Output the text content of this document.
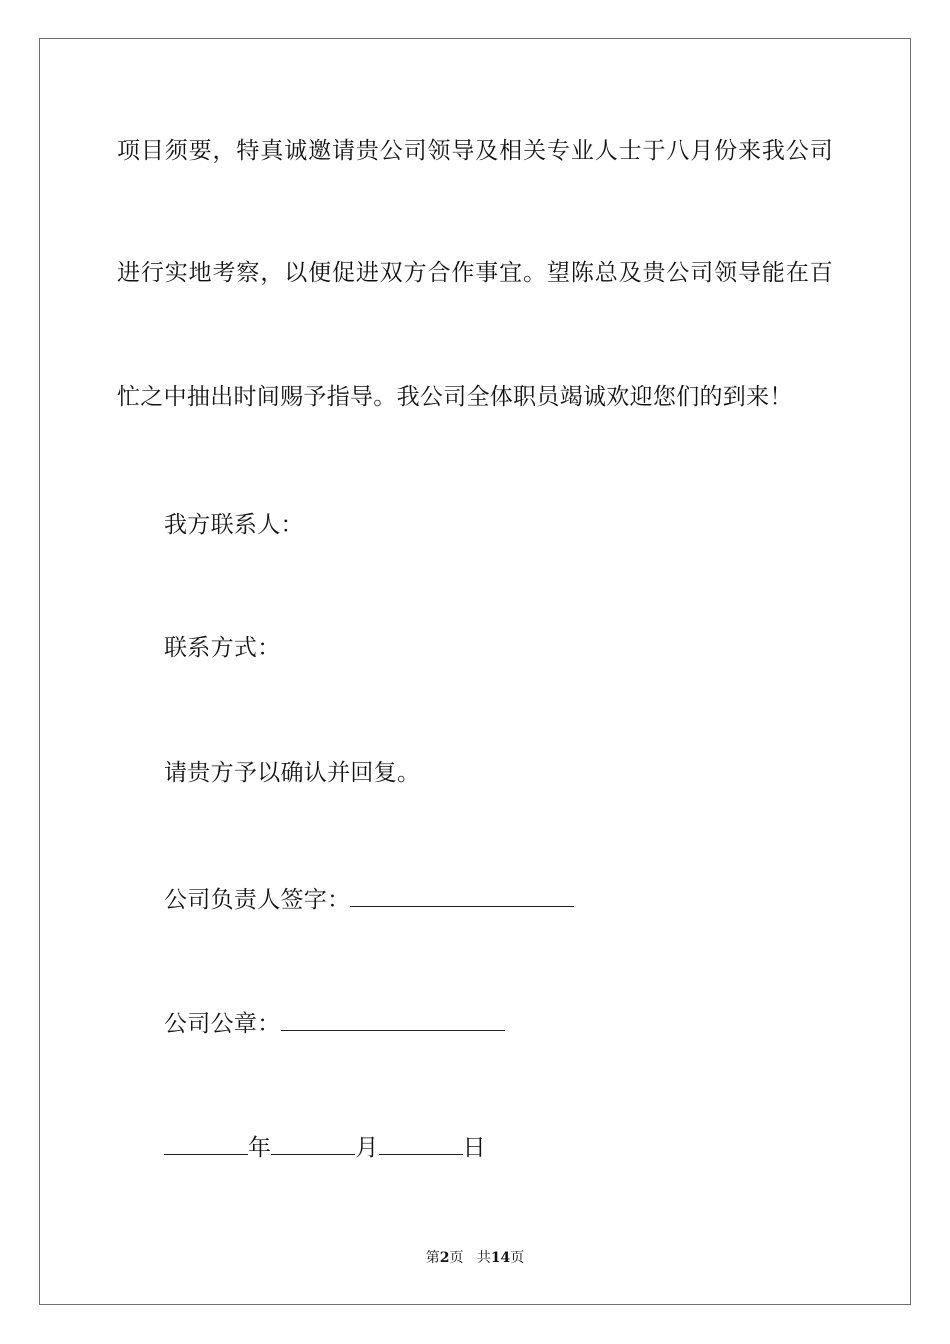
项目须要，特真诚邀请贵公司领导及相关专业人士于八月份来我公司
进行实地考察，以便促进双方合作事宜。望陈总及贵公司领导能在百
忙之中抽出时间赐予指导。我公司全体职员竭诚欢迎您们的到来！
我方联系人：
联系方式：
请贵方予以确认并回复。
公司负责人签字：
公司公章：
年	月	日
第2页 共14页
